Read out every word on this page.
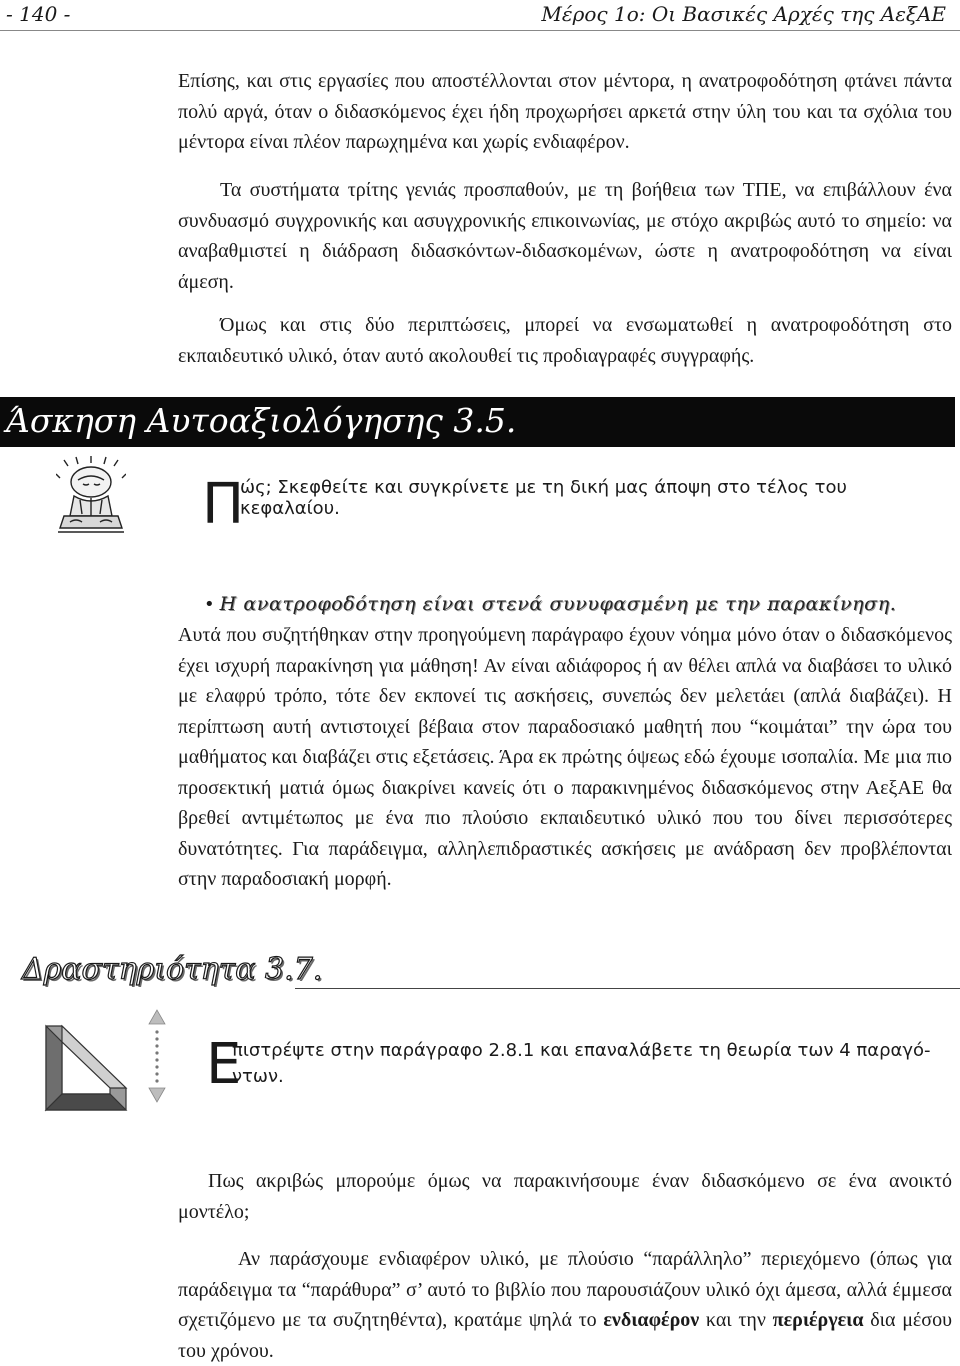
- 140 -	Μέρος 1ο: Οι Βασικές Αρχές της ΑεξΑΕ

Επίσης, και στις εργασίες που αποστέλλονται στον μέντορα, η ανατροφοδότηση φτάνει πάντα πολύ αργά, όταν ο διδασκόμενος έχει ήδη προχωρήσει αρκετά στην ύλη του και τα σχόλια του μέντορα είναι πλέον παρωχημένα και χωρίς ενδιαφέρον.

Τα συστήματα τρίτης γενιάς προσπαθούν, με τη βοήθεια των ΤΠΕ, να επιβάλλουν ένα συνδυασμό συγχρονικής και ασυγχρονικής επικοινωνίας, με στόχο ακριβώς αυτό το σημείο: να αναβαθμιστεί η διάδραση διδασκόντων-διδασκομένων, ώστε η ανατροφοδότηση να είναι άμεση.

Όμως και στις δύο περιπτώσεις, μπορεί να ενσωματωθεί η ανατροφοδότηση στο εκπαιδευτικό υλικό, όταν αυτό ακολουθεί τις προδιαγραφές συγγραφής.

Άσκηση Αυτοαξιολόγησης 3.5.
Π
ώς; Σκεφθείτε και συγκρίνετε με τη δική μας άποψη στο τέλος του κεφαλαίου.
• Η ανατροφοδότηση είναι στενά συνυφασμένη με την παρακίνηση.

Αυτά που συζητήθηκαν στην προηγούμενη παράγραφο έχουν νόημα μόνο όταν ο διδασκόμενος έχει ισχυρή παρακίνηση για μάθηση! Αν είναι αδιάφορος ή αν θέλει απλά να διαβάσει το υλικό με ελαφρύ τρόπο, τότε δεν εκπονεί τις ασκήσεις, συνεπώς δεν μελετάει (απλά διαβάζει). Η περίπτωση αυτή αντιστοιχεί βέβαια στον παραδοσιακό μαθητή που “κοιμάται” την ώρα του μαθήματος και διαβάζει στις εξετάσεις. Άρα εκ πρώτης όψεως εδώ έχουμε ισοπαλία. Με μια πιο προσεκτική ματιά όμως διακρίνει κανείς ότι ο παρακινημένος διδασκόμενος στην ΑεξΑΕ θα βρεθεί αντιμέτωπος με ένα πιο πλούσιο εκπαιδευτικό υλικό που του δίνει περισσότερες δυνατότητες. Για παράδειγμα, αλληλεπιδραστικές ασκήσεις με ανάδραση δεν προβλέπονται στην παραδοσιακή μορφή.

Δραστηριότητα 3.7.
Ε
πιστρέψτε στην παράγραφο 2.8.1 και επαναλάβετε τη θεωρία των 4 παραγό-
ντων.

Πως ακριβώς μπορούμε όμως να παρακινήσουμε έναν διδασκόμενο σε ένα ανοικτό μοντέλο;

Αν παράσχουμε ενδιαφέρον υλικό, με πλούσιο “παράλληλο” περιεχόμενο (όπως για παράδειγμα τα “παράθυρα” σ’ αυτό το βιβλίο που παρουσιάζουν υλικό όχι άμεσα, αλλά έμμεσα σχετιζόμενο με τα συζητηθέντα), κρατάμε ψηλά το ενδιαφέρον και την περιέργεια δια μέσου του χρόνου.
